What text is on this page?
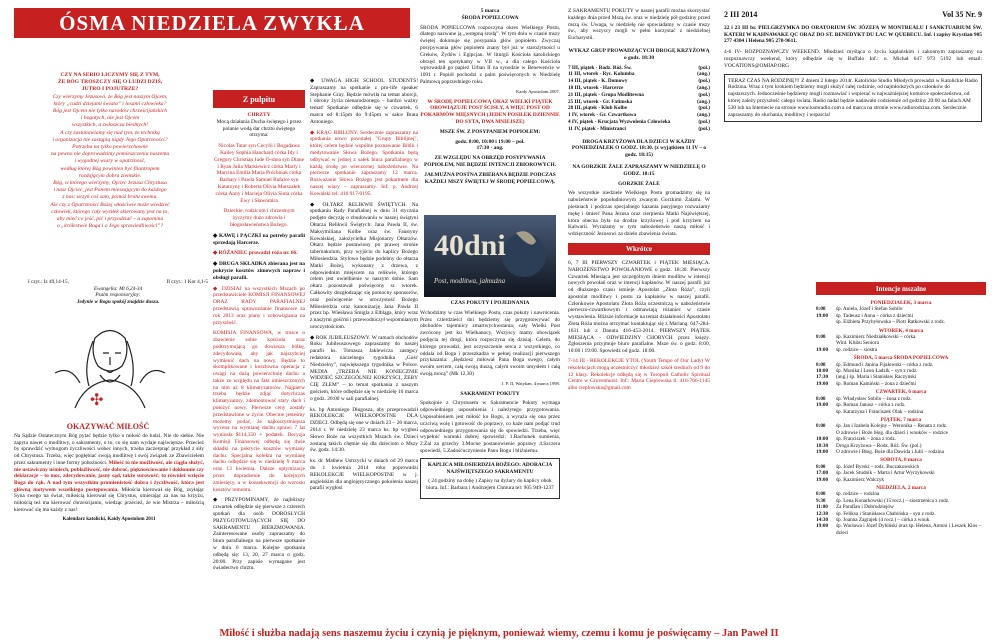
ÓSMA NIEDZIELA ZWYKŁA
CZY NA SERIO LICZYMY SIĘ Z TYM,
ŻE BÓG TROSZCZY SIĘ O LUDZI DZIŚ,
JUTRO I POJUTRZE?
Czy wierzymy Jezusowi, że Bóg jest naszym Ojcem,
który „cudzi dziejami świata” i losami człowieka?
Bóg jest Ojcem nie tylko narodów chrześcijańskich
i bogatych, ale jest Ojcem
wszystkich, a zwłaszcza biednych!
A czy zastanawiamy się nad tym, że techniką
i organizacja nie zastąpią nigdy Jego Opatrzności?
Potrzeba na tylko powierzchowne
na pewno nie doprowadzimy pomieszczenia naszemu
i wygodnej wiary w opatrzność,
według której Bóg powinien być filantropem
rozdającym dobra ziemskie.
Bóg, w którego wierzymy, Ojciec Jezusa Chrystusa
i nasz Ojciec, jest Panem mieszającym do każdego
z nas: uczyń coś sam, pomóż bratu swemu.
Ale czy z Opatrzności Bożej właściwie może wiedzieć
człowiek, którego cały wysiłek skierowany jest na to,
aby mieć co jeść, pić i przyodziać – a zapomina
o „królestwie Boga i o Jego sprawiedliwości”?
I czyt.: Iz 49,14-15,	II czyt.: 1 Kor 4,1-5
Ewangelia: Mt 6,24-34
Psalm responsoryjny:
Jedynie w Bogu spokój znajdzie dusza.
✣
OKAZYWAĆ MIŁOŚĆ
Na Sądzie Ostatecznym Bóg pytać będzie tylko o miłość do ludzi. Nie do siebie. Nie zapyta nawet o modlitwy, o sakramenty, o to, co się nam wydaje najświętsze. Przecież by sprawdzić wymogom życzliwości wobec innych, trzeba zaczerpnąć przykład z siły od Chrystusa. Trzeba, więc pogłębiać swoją modlitwę i swój związek ze Zbawicielem przez sakramenty i inne formy pobożności. Miłość to nie możliwość, ale ciągła służyć, nie ustawiczny uśmiech, pobłażliwość, nie dobroć, pięknościowanie i dokłonnie czy deklaracje – to moc, zdecydowanie, jasny sąd, także surowość; to również wzięcie Boga do rąk. A nad tym wszystkim promienistość dobra i życzliwość, która jest główną motywem wszelkiego postępowania. Miłościa kierował się Bóg, zsyłając Syna swego na świat, miłością kierował się Chrystus, umierając za nas na krzyżu, miłością też ma kierować chrześcijanin, wiedząc przecież, że wie Mistrza – miłością kierować się ma każdy z nas!
Kalendarz katolicki, Kaidy Apostolom 2011
Z pulpitu
CHRZTY

Mocą działania Ducha świętego i przez polanie wodą dar chrztu świętego otrzyma:

Nicolas Tatar syn Cecylii i Bogadawa Kailey Sophia Hanchard córka Idy i Gregory Christian Jude O-shea syn Diane i Ryan Julia Markiewicz córka Marty i Marcina Emilia Maria Próchniak córka Barbary i Pawła Samuel Rafalce syn Katarzyny i Roberta Olivia Marszałek córka Anny i Macieja Olivia Siuta córka Ewy i Sławomira

Dzieckie, rodzicom i chrzestnym życzymy dużo zdrowia i błogosławieństwa Bożego.

◆ KAWĘ i PĄCZKI na potreby parafii sprzedają Harcerze.

◆ RÓŻANIEC prowadzi róża nr. 66.

◆ DRUGA SKŁADKA zbierana jest na pokrycie kosztów zimowych napraw i obsługi parafii.

◆ DZISIAJ na wszystkich Mszach po przedstawiciele KOMISJI FINANSOWEJ ORAZ RADY PARAFIALNEJ przedstawią sprawozdanie finansowe za rok 2013 oraz plany i zobowiązania na przyszłość.

KOMISJA FINANSOWA, w trosce o zbawienie sobie kościoła oraz podtrzymującą go dowiesza bólkę, zdecydowała, aby jak najszybciej wymienić dach na nowy. Będzie to skomplikowane i kosztowna operacja z uwagi na dużą powierzchnię dachu a także ze względu na fakt umieszczonych na nim aż 8 klimatyzatorów. Najpierw trzeba będzie zdjąć dotychczas klimatyzatory, zdemontować stary dach i położyć nowy. Pierwsze ceny zostały przedstawione w życie. Obecnie jesteśmy możemy podać, że najkorzystniejsza wycena na wymianę dachu sprawi 7 lat wyniosła $114,350 + podatek. Decyzja Komisji Finansowej odbędą się dwie składki na pokrycie kosztów wymiany dachu. Specjalna kolekta na wymianę dachu odbędzie się w niedzielę 9 marca oraz 13 kwietnia. Dalsze optymizacje przez dopradzenie do kolejnych zmiesięcy, a w konsekwencji do wzrostu kosztów remontu.

◆ PRZYPOMINAMY, że najbliższy czwartek odbędzie się pierwsze z czterech spotkań dla osób DOROSŁYCH PRZYGOTOWUJĄCYCH SIĘ DO SAKRAMENTU BIERZMOWANIA. Zainteresowane osoby zapraszamy do biura parafialnego na pierwsze spotkanie w dniu 6 marca. Kolejne spotkania odbędą się: 13, 20, 27 marca o godz. 20:00. Przy zapisie wymagane jest świadectwo chrztu.

◆ UWAGA HIGH SCHOOL STUDENTS! Zapraszamy na spotkanie z pro-life speaker Stephanie Gray. Będzie mówiła na temat aborcji, i obrony życia nienarodzonego – bardzo ważny temat! Spotkanie odbędzie się w czwartek, 6 marca od 8:15pm do 9:45pm w sałce Brata Antoniego.

◆ KRĄG BIBLIJNY. Serdecznie zapraszamy na spotkania nowo powstałej "Grupy Biblijnej", której celem będzie wspólne poznawanie Biblii i medytowanie Słowa Bożego. Spotkania będą odbywać w jednej z sałek biura parafialnego w każdą środę po wieczornej nabożeństwie. Na pierwsze spotkanie zapraszamy 12 marca. Rozważanie Słowa Bożego jest pokarmem dla naszej wiary – zapraszamy. Inf. p. Andrzej Kowalski tel: 416 917-0195.

◆ OŁTARZ RELIKWII ŚWIĘTYCH. Na spotkaniu Rady Parafialnej w dniu 31 stycznia podjęto decyzję o zbudowaniu w naszej świątyni Ołtarza Relikwii Świętych: Jana Pawła II, św. Maksymiliana Kolbe oraz św. Faustyny Kowalskiej, założycielka Misjonarzy Ołtarzów. Ołtarz będzie postawiony po prawej stronie tabernakulum, przy wyjściu do kaplicy Bożego Miłosierdzia. Stylowo będzie podobny do ołtarza Matki Bożej, wykonany z drzewa, z odpowiednim miejscem na relikwie, którego celem jest uwielbienie w naszym dobie. Sam ołtarz pozostawał poświęcony sr. wtorek. Całkowity dozgłodzając się pomocny sponsorów, oraz poświęcenie w uroczystość Bożego Miłosierdzia oraz kanonizację Jana Pawła II przez bp. Wiesława Śmigla z Elbląga, który wraz z naszymi gośćmi i przewodniczył wspomnianym uroczystościom.

◆ ROK JUBILEUSZOWY. W ramach obchodów Roku Jubileuszowego zapraszamy do naszej parafii ks. Tomasza Jaklewicza zastępcy redaktora naczelnego tygodnika „Gość Niedzielny”, największego tygodnika w Polsce. MEDIA „TRZEBA NIE KONIECZNIE WIDZIEĆ SZCZEGÓLNEJ KORZYŚCI, ŻEBY CIĘ ZŁEM” – to temat spotkania z naszym gościem, które odbędzie się w niedzielę 16 marca o godz. 20:00 w sali parafialnej.

ks. bp Antoniego Długosza, aby przeprowadził REKOLEKCJE WIELKOPOSTNE DLA DZIECI. Odbędą się one w dniach 23 – 26 marca, 2014 r. W niedzielę 23 marca ks. bp wygłosi Słowo Boże na wszystkich Mszach św. Dzieci zostaną takich chętnie się dla dzieciom o Mszy św. godz. 14:30.

ks. dr. Mathew Ustrzycki w dniach od 29 marca do 1 kwietnia 2014 roku poprowadzi REKOLEKCJE WIELKOPOSTNE w j. angielskim dla anglojęzycznego pokolenia naszej parafii wygłosi

5 marca
ŚRODA POPIELCOWA

ŚRODA POPIELCOWA rozpoczyna okres Wielkiego Postu, dlatego nazwane ją „wstępną środą”. W tym dniu w czasie mszy świętej dokonuje się posypania głów popiołem. Zwyczaj posypywania głów popiołem znany był już w starożytności u Greków, Żydów i Egipcjan. W liturgii Kościoła katolickiego obrzęd ten spotykamy w VII w., a dla całego Kościoła wprowadził go papież Urban II na synodzie w Benewencie w 1091 r. Popiół pochodzi z palm poświęconych w Niedzielę Palmową poprzedniego roku.

Kaidy Apostolom 2007.

W ŚRODĘ POPIELCOWĄ ORAZ WIELKI PIĄTEK OBOWIĄZUJE POST ŚCISŁY, A WIĘC POST OD POKARMÓW MIĘSNYCH (JEDEN POSIŁEK DZIENNIE DO SYTA, DWA MNIEJSZE)

MSZE ŚW. Z POSYPANIEM POPIOŁEM:

godz. 8:00, 10:00 i 19:00 – pol.

17:30 - ang.

ZE WZGLĘDU NA OBRZĘD POSYPYWANIA POPIOŁEM, NIE BĘDZIE INTENCJI ZBIOROWYCH.

JAŁMUŻNA POSTNA ZBIERANA BĘDZIE PODCZAS KAŻDEJ MSZY ŚWIĘTEJ W ŚRODĘ POPIELCOWĄ.

40dni
Post, modlitwa, jałmużna

CZAS POKUTY I POJEDNANIA

Wchodzimy w czas Wielkiego Postu, czas pokuty i nawrócenia. Przez czterdzieści dni będziemy się przygotowywać do obchodów tajemnicy zmartwychwstania; cały Wielki Post zwrócony jest ku Wielkanocy. Wszyscy mamy obowiązek podjęcia tej drogi, która rozpoczyna się dzisiaj. Celem, do którego prowadzi, jest oczyszczenie serca z wszystkiego, co oddala od Boga i przeszkadza w pełnej realizacji pierwszego przykazania: „Będziesz miłował Pana Boga swego, całym swoim sercem, całą swoją duszą, całym swoim umysłem i całą swoją mocą” (Mk 12,30)

J. P. II, Watykan, 4 marca 1998.

SAKRAMENT POKUTY

Spokojnie z Chrystusem w Sakramencie Pokuty wymaga odpowiedniego usposobienia i należytego przygotowania. Usposobieniem jest miłość ku Bogu, a wyraża się ona przez uczciwą wolę i gotowość do poprawy, co każe nam podjąć trud odpowiedniego przygotowania się do spowiedzi. Trzeba, więc wypełnić warunki dobrej spowiedzi: 1.Rachunek sumienia, 2.Żal za grzechy 3.Mocne postanowienie poprawy 4.Szczera spowiedź, 5.Zadośćuczynienie Panu Bogu i bliźniemu.

KAPLICA MIŁOSIERDZIA BOŻEGO: ADORACJA NAJŚWIĘTSZEGO SAKRAMENTU

( 24 godziny na dobę ) Zapisy na dyżury do kaplicy obok biura. Inf.: Barbara i Andrzejem Chmura tel: 905 949-1237

Z SAKRAMENTU POKUTY w naszej parafii można skorzystać każdego dnia przed Mszą św. oraz w niedzielę pół godziny przed mszą św. Uwaga, w niedzielę nie spowiadamy w czasie mszy św., aby wszyscy mogli w pełni korzystać z niedzielnej Eucharystii.

WYKAZ GRUP PROWADZĄCYCH DROGĘ KRZYŻOWĄ o godz. 18:30

7 III, piątek - Rodz. Róż. Św.	(pol.)
11 III, wtorek - Ryc. Kolumba	(ang.)
14 III, piątek - K. Domowy	(pol.)
18 III, wtorek - Harcerze	(ang.)
21 III, piątek - Grupa Modlitewna	(pol.)
25 III, wtorek - Gr. Fatimska	(ang.)
28 III, piątek - Klub Kolbe	(pol.)
1 IV, wtorek - Gr. Czwartkowa	(ang.)
4 IV, piątek - Krucjata Wyzwolenia Człowieka	(pol.)
11 IV, piątek - Ministranci	(pol.)

DROGA KRZYŻOWA DLA DZIECI W KAŻDY PONIEDZIAŁEK O GODZ. 18:30. (z wyjątkiem 11 IV – o godz. 18:15)

NA GORZKIE ŻALE ZAPRASZAMY W NIEDZIELĘ O GODZ. 18:15

GORZKIE ŻALE

We wszystkie niedziele Wielkiego Postu gromadzimy się na nabożeństwie popołudniowym zwanym Gorzkimi Żalami. W pieśniach i podczas specjalnego kazania pasyjnego rozważamy mękę i śmierć Pana Jezusa oraz cierpienia Matki Najświętszej, która obecna była na drodze krzyżowej i pod krzyżem na Kalwarii. Wyrażamy w tym nabożeństwie naszą miłość i wdzięczność Jezusowi za dzieło zbawienia świata.

Wkrótce

6, 7 III PIERWSZY CZWARTEK i PIĄTEK MIESIĄCA. NABOŻEŃSTWO POWOŁANIOWE o godz. 18:30. Pierwszy Czwartek Miesiąca jest szczególnym dniem modlitw w intencji nowych powołań oraz w intencji kapłanów. W naszej parafii już od dłuższego czasu istnieje Apostolat „Złota Róża”, czyli apostolat modlitwy i postu za kapłanów w naszej parafii. Członkowie Apostolatu Złota Róża uczestniczą w nabożeństwie pierwszo-czwartkowym i odmawiają różaniec w czasie wystawienia. Bliższe informacje na temat działalności Apostolatu Złota Róża można otrzymać kontaktując się z Marianą: 647-284-1631 lub z Danuta 416-453-2014. PIERWSZY PIĄTEK MIESIĄCA - ODWIEDZINY CHORYCH przez księży. Zgłoszenia przyjmuje biuro parafialne. Msze św. o godz. 8:00, 10:00 i 19:00. Spowiedź od godz. 18:00.

7-14 III - REKOLEKCJE YTOL (Youth Tempo of Our Lady) W rekolekcjach mogą uczestniczyć młodzież szkół średnich od 9 do 12 klasy. Rekolekcje odbędą się w Toropoli Catholic Spiritual Centre w Grovenhurst. Inf.: Maria Cieplowska tl. 416-766-1145 albo cieplowska@gmail.com

2 III 2014	Vol 35 Nr. 9

22 i 23 III br. PIELGRZYMKA DO ORATORIUM ŚW. JÓZEFA W MONTREALU I SANKTUARIUM ŚW. KATERI W KAHNAWAKE QC ORAZ DO ST. BENEDYKT DU LAC W QUEBECU. Inf. i zapisy Krystian 905 277 4304 i Helena 905 270-9611.

4-6 IV- ROZPOZNAWCZY WEEKEND. Młodzież myśląca o życiu kapłańskim i zakonnym zapraszamy na rozpoznawczy weekend, który odbędzie się w Buffalo Inf.: o. Michał 647 973 5192 lub email: VOCATIONS@OMIAP.ORG

TERAZ CZAS NA RODZINĘ!!! Z dniem 2 lutego 2014r. Katolickie Studio Młodych prowadzi w Katolickie Radio Rodzina. Wraz z tym krokiem będziemy mogli służyć całej rodzinie, od najmłodszych po członków do najstarszych. Jednocześnie będziemy mogli rozmawiać i wspierać w najważniejszej komórce społeczeństwa, od której zależy przyszłość całego świata. Radio nadal będzie nadawało codziennie od godziny 20:00 na falach AM 530 lub na Internecie na stronie www.ksmradio.com a od marca na stronie www.radiorodzina.com. Serdecznie zapraszamy do słuchania, modlitwy i wsparcia!
Intencje mszalne
PONIEDZIAŁEK, 3 marca
8:00	śp. Aniela, Józef i Stefan Sobilo
19:00	śp. Tadeusz i Anna – córka z dziećmi
śp. Elżbieta Przybyłowska – Piotr Ratkowski z rodz.
WTOREK, 4 marca
8:00	śp. Kazimierz Niedziałkowski – córka
Wint. Klubu Seniora
19:00	śp. rodzice – siostra
ŚRODA, 5 marca ŚRODA POPIELCOWA
8:00	śp. Edmund i Janina Fijałowski – córka z rodz.
10:00	śp. Monika i Leon Ładzik – syn z rodz.
17:30	(ang.) śp. Maria i Stanisław Raczynski
19:00	śp. Roman Kamiński – żona z dziećmi
CZWARTEK, 6 marca
8:00	śp. Władysław Sobilo – żona z rodz.
19:00	śp. Roman Janusz – córka z rodz.
śp. Katarzyna i Franciszek Olak – rodzina
PIĄTEK, 7 marca
8:00	śp. Jan i Izabela Kolejny – Weronika – Renata z rodz.
O zdrowie i Boże błog. dla dzieci i wnuków – rodzice
10:00	śp. Franciszek – żona z rodz.
18:30	Droga Krzyżowa – Rodz. Róż. Św. (pol.)
19:00	O zdrowie i Błog. Boże dla Dawida i Julii – rodzina
SOBOTA, 8 marca
8:00	śp. Józef Byrski – rodz. Buczakowskich
17:00	śp. Jacek Studnik – Marta i Artur Wyrzykowski
19:00	śp. Kazimierz Walczyk
NIEDZIELA, 2 marca
8:00	śp. rodzice – rodzina
9:30	śp. Lena Konarkowski (15 rocz.) – siostrzenica z rodz.
11:00	Za Parafian i Dobrodziejów
12:30	śp. Feliksa i Stanisława Chabińska – syn z rodz.
14:30	śp. Joanna Zagrajek (4 rocz.) – córka z wnuk.
19:00	śp. Wacława i Józef Dybiński oraz śp. Helena, Antoni i Leszek Klos – dzieci
Miłość i służba nadają sens naszemu życiu i czynią je pięknym, ponieważ wiemy, czemu i komu je poświęcamy – Jan Paweł II
